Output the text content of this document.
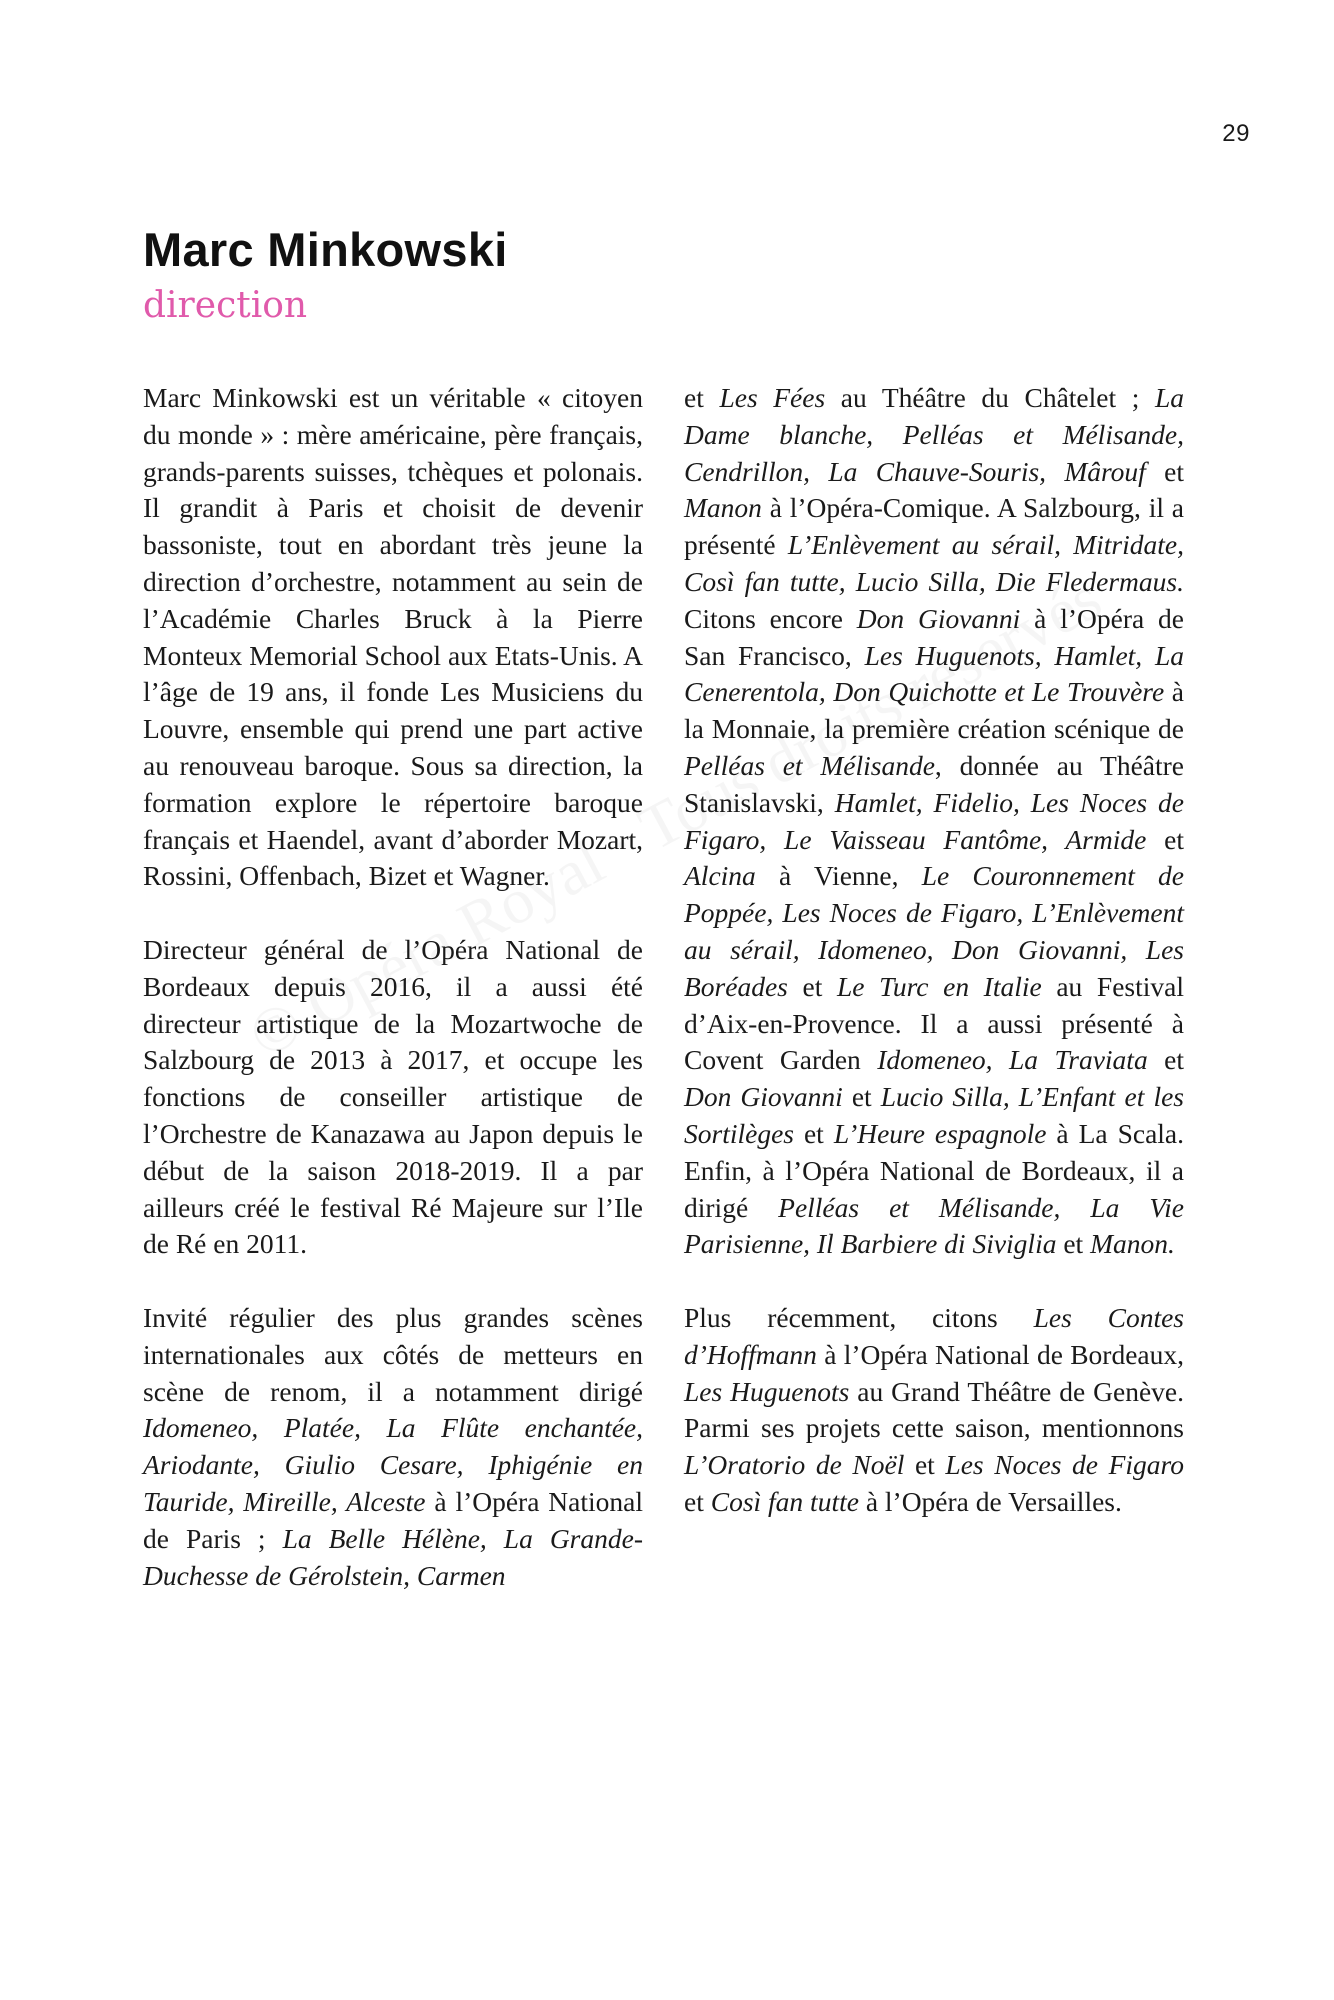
29
Marc Minkowski
direction

Marc Minkowski est un véritable « citoyen du monde » : mère américaine, père français, grands-parents suisses, tchèques et polonais. Il grandit à Paris et choisit de devenir bassoniste, tout en abordant très jeune la direction d’orchestre, notamment au sein de l’Académie Charles Bruck à la Pierre Monteux Memorial School aux Etats-Unis. A l’âge de 19 ans, il fonde Les Musiciens du Louvre, ensemble qui prend une part active au renouveau baroque. Sous sa direction, la formation explore le répertoire baroque français et Haendel, avant d’aborder Mozart, Rossini, Offenbach, Bizet et Wagner.

Directeur général de l’Opéra National de Bordeaux depuis 2016, il a aussi été directeur artistique de la Mozartwoche de Salzbourg de 2013 à 2017, et occupe les fonctions de conseiller artistique de l’Orchestre de Kanazawa au Japon depuis le début de la saison 2018-2019. Il a par ailleurs créé le festival Ré Majeure sur l’Ile de Ré en 2011.

Invité régulier des plus grandes scènes internationales aux côtés de metteurs en scène de renom, il a notamment dirigé Idomeneo, Platée, La Flûte enchantée, Ariodante, Giulio Cesare, Iphigénie en Tauride, Mireille, Alceste à l’Opéra National de Paris ; La Belle Hélène, La Grande-Duchesse de Gérolstein, Carmen

et Les Fées au Théâtre du Châtelet ; La Dame blanche, Pelléas et Mélisande, Cendrillon, La Chauve-Souris, Mârouf et Manon à l’Opéra-Comique. A Salzbourg, il a présenté L’Enlèvement au sérail, Mitridate, Così fan tutte, Lucio Silla, Die Fledermaus. Citons encore Don Giovanni à l’Opéra de San Francisco, Les Huguenots, Hamlet, La Cenerentola, Don Quichotte et Le Trouvère à la Monnaie, la première création scénique de Pelléas et Mélisande, donnée au Théâtre Stanislavski, Hamlet, Fidelio, Les Noces de Figaro, Le Vaisseau Fantôme, Armide et Alcina à Vienne, Le Couronnement de Poppée, Les Noces de Figaro, L’Enlèvement au sérail, Idomeneo, Don Giovanni, Les Boréades et Le Turc en Italie au Festival d’Aix-en-Provence. Il a aussi présenté à Covent Garden Idomeneo, La Traviata et Don Giovanni et Lucio Silla, L’Enfant et les Sortilèges et L’Heure espagnole à La Scala. Enfin, à l’Opéra National de Bordeaux, il a dirigé Pelléas et Mélisande, La Vie Parisienne, Il Barbiere di Siviglia et Manon.

Plus récemment, citons Les Contes d’Hoffmann à l’Opéra National de Bordeaux, Les Huguenots au Grand Théâtre de Genève. Parmi ses projets cette saison, mentionnons L’Oratorio de Noël et Les Noces de Figaro et Così fan tutte à l’Opéra de Versailles.
